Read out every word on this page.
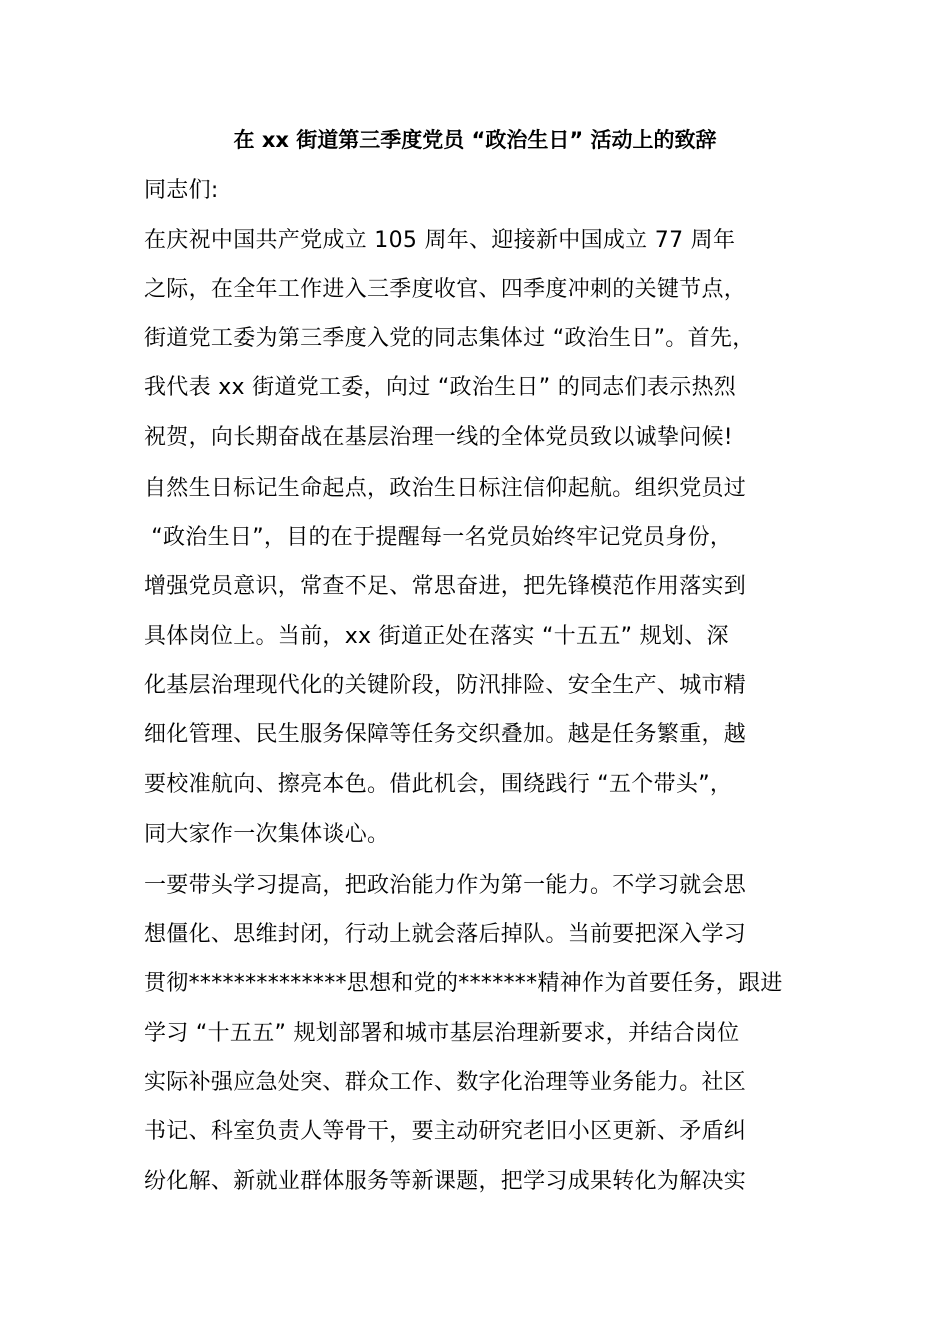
在 xx 街道第三季度党员 “政治生日” 活动上的致辞
同志们:
在庆祝中国共产党成立 105 周年、迎接新中国成立 77 周年
之际，在全年工作进入三季度收官、四季度冲刺的关键节点，
街道党工委为第三季度入党的同志集体过 “政治生日”。首先，
我代表 xx 街道党工委，向过 “政治生日” 的同志们表示热烈
祝贺，向长期奋战在基层治理一线的全体党员致以诚挚问候!
自然生日标记生命起点，政治生日标注信仰起航。组织党员过
“政治生日”，目的在于提醒每一名党员始终牢记党员身份，
增强党员意识，常查不足、常思奋进，把先锋模范作用落实到
具体岗位上。当前，xx 街道正处在落实 “十五五” 规划、深
化基层治理现代化的关键阶段，防汛排险、安全生产、城市精
细化管理、民生服务保障等任务交织叠加。越是任务繁重，越
要校准航向、擦亮本色。借此机会，围绕践行 “五个带头”，
同大家作一次集体谈心。
一要带头学习提高，把政治能力作为第一能力。不学习就会思
想僵化、思维封闭，行动上就会落后掉队。当前要把深入学习
贯彻**************思想和党的*******精神作为首要任务，跟进
学习 “十五五” 规划部署和城市基层治理新要求，并结合岗位
实际补强应急处突、群众工作、数字化治理等业务能力。社区
书记、科室负责人等骨干，要主动研究老旧小区更新、矛盾纠
纷化解、新就业群体服务等新课题，把学习成果转化为解决实
